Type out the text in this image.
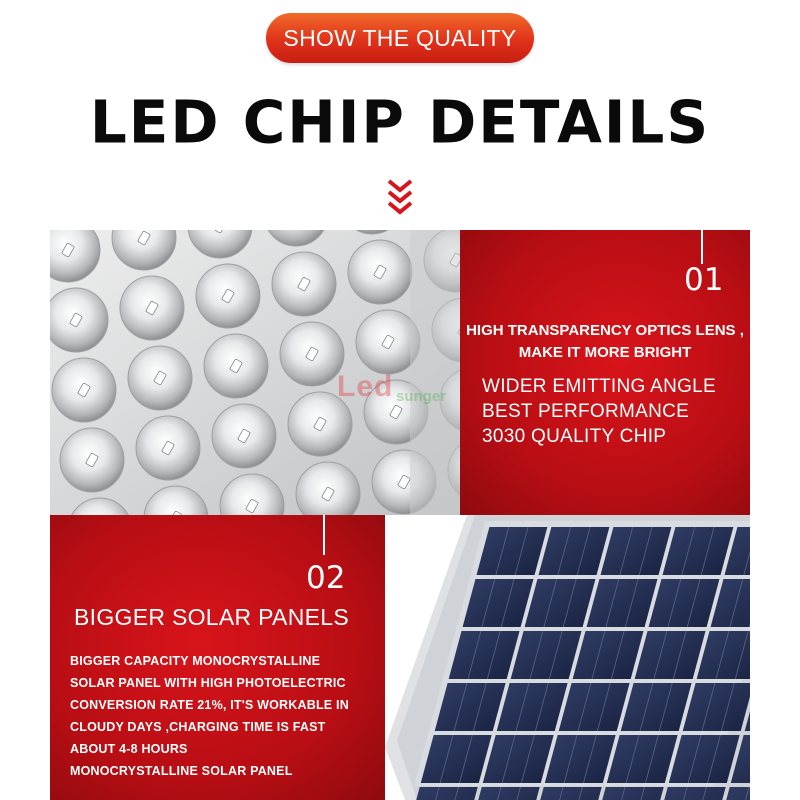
SHOW THE QUALITY
LED CHIP DETAILS
Led sunger
01
HIGH TRANSPARENCY OPTICS LENS ,
MAKE IT MORE BRIGHT
WIDER EMITTING ANGLE
BEST PERFORMANCE
3030 QUALITY CHIP
02
BIGGER SOLAR PANELS
BIGGER CAPACITY MONOCRYSTALLINE
SOLAR PANEL WITH HIGH PHOTOELECTRIC
CONVERSION RATE 21%, IT'S WORKABLE IN
CLOUDY DAYS ,CHARGING TIME IS FAST
ABOUT 4-8 HOURS
MONOCRYSTALLINE SOLAR PANEL
